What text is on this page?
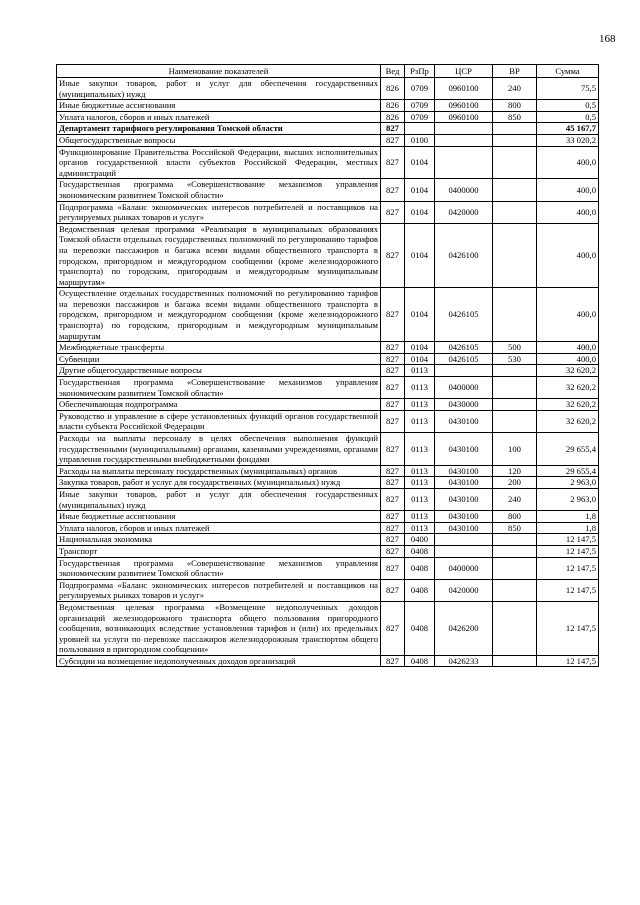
168
Наименование показателей	Вед	РзПр	ЦСР	ВР	Сумма
Иные закупки товаров, работ и услуг для обеспечения государственных (муниципальных) нужд	826	0709	0960100	240	75,5
Иные бюджетные ассигнования	826	0709	0960100	800	0,5
Уплата налогов, сборов и иных платежей	826	0709	0960100	850	0,5
Департамент тарифного регулирования Томской области	827				45 167,7
Общегосударственные вопросы	827	0100			33 020,2
Функционирование Правительства Российской Федерации, высших исполнительных органов государственной власти субъектов Российской Федерации, местных администраций	827	0104			400,0
Государственная программа «Совершенствование механизмов управления экономическим развитием Томской области»	827	0104	0400000		400,0
Подпрограмма «Баланс экономических интересов потребителей и поставщиков на регулируемых рынках товаров и услуг»	827	0104	0420000		400,0
Ведомственная целевая программа «Реализация в муниципальных образованиях Томской области отдельных государственных полномочий по регулированию тарифов на перевозки пассажиров и багажа всеми видами общественного транспорта в городском, пригородном и междугородном сообщении (кроме железнодорожного транспорта) по городским, пригородным и междугородным муниципальным маршрутам»	827	0104	0426100		400,0
Осуществление отдельных государственных полномочий по регулированию тарифов на перевозки пассажиров и багажа всеми видами общественного транспорта в городском, пригородном и междугородном сообщении (кроме железнодорожного транспорта) по городским, пригородным и междугородным муниципальным маршрутам	827	0104	0426105		400,0
Межбюджетные трансферты	827	0104	0426105	500	400,0
Субвенции	827	0104	0426105	530	400,0
Другие общегосударственные вопросы	827	0113			32 620,2
Государственная программа «Совершенствование механизмов управления экономическим развитием Томской области»	827	0113	0400000		32 620,2
Обеспечивающая подпрограмма	827	0113	0430000		32 620,2
Руководство и управление в сфере установленных функций органов государственной власти субъекта Российской Федерации	827	0113	0430100		32 620,2
Расходы на выплаты персоналу в целях обеспечения выполнения функций государственными (муниципальными) органами, казенными учреждениями, органами управления государственными внебюджетными фондами	827	0113	0430100	100	29 655,4
Расходы на выплаты персоналу государственных (муниципальных) органов	827	0113	0430100	120	29 655,4
Закупка товаров, работ и услуг для государственных (муниципальных) нужд	827	0113	0430100	200	2 963,0
Иные закупки товаров, работ и услуг для обеспечения государственных (муниципальных) нужд	827	0113	0430100	240	2 963,0
Иные бюджетные ассигнования	827	0113	0430100	800	1,8
Уплата налогов, сборов и иных платежей	827	0113	0430100	850	1,8
Национальная экономика	827	0400			12 147,5
Транспорт	827	0408			12 147,5
Государственная программа «Совершенствование механизмов управления экономическим развитием Томской области»	827	0408	0400000		12 147,5
Подпрограмма «Баланс экономических интересов потребителей и поставщиков на регулируемых рынках товаров и услуг»	827	0408	0420000		12 147,5
Ведомственная целевая программа «Возмещение недополученных доходов организаций железнодорожного транспорта общего пользования пригородного сообщения, возникающих вследствие установления тарифов и (или) их предельных уровней на услуги по перевозке пассажиров железнодорожным транспортом общего пользования в пригородном сообщении»	827	0408	0426200		12 147,5
Субсидии на возмещение недополученных доходов организаций	827	0408	0426233		12 147,5
